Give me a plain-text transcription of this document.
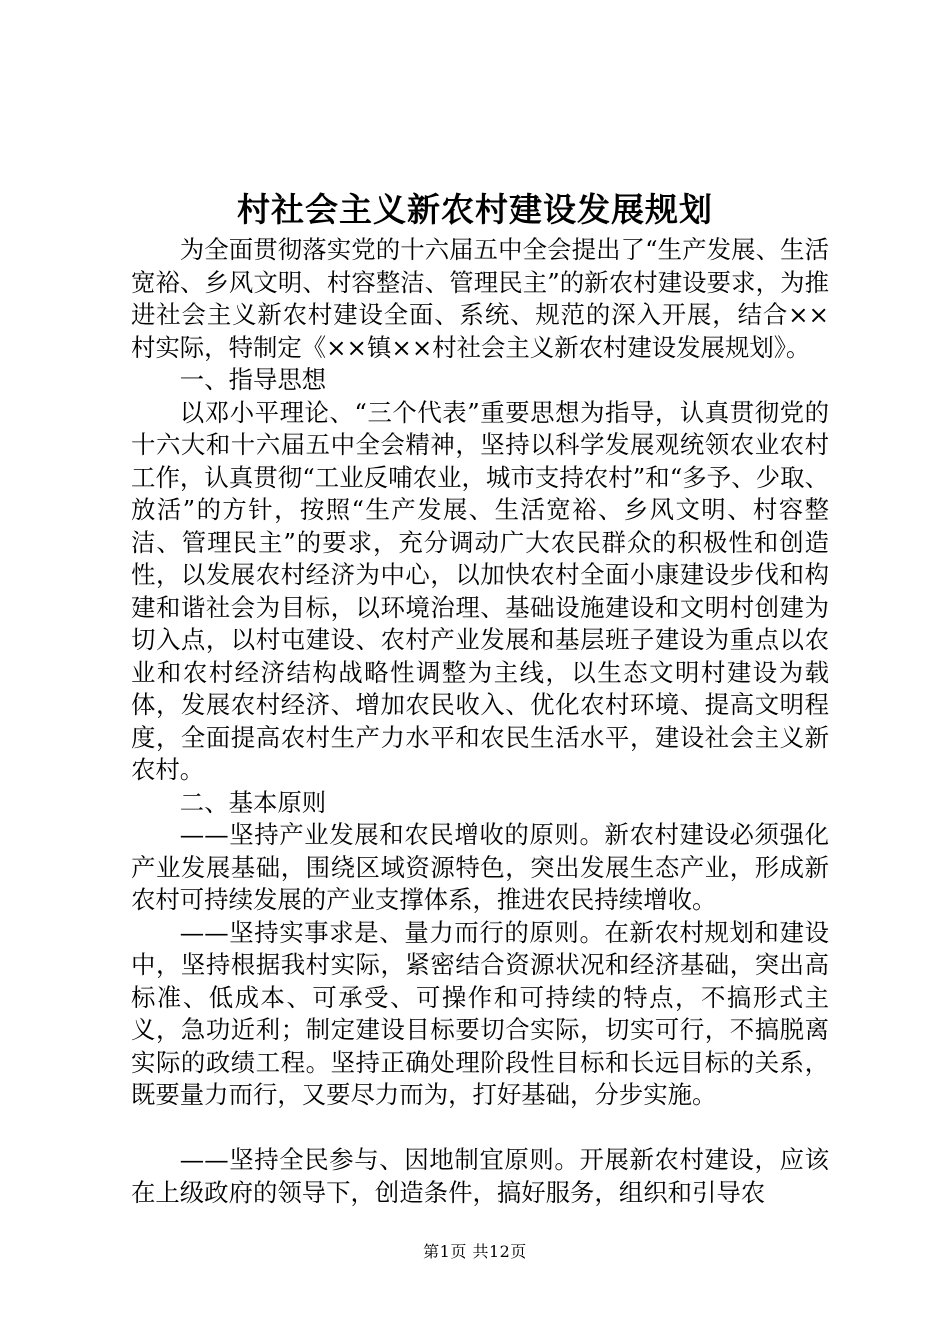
村社会主义新农村建设发展规划

为全面贯彻落实党的十六届五中全会提出了“生产发展、生活宽裕、乡风文明、村容整洁、管理民主”的新农村建设要求，为推进社会主义新农村建设全面、系统、规范的深入开展，结合××村实际，特制定《××镇××村社会主义新农村建设发展规划》。

一、指导思想

以邓小平理论、“三个代表”重要思想为指导，认真贯彻党的十六大和十六届五中全会精神，坚持以科学发展观统领农业农村工作，认真贯彻“工业反哺农业，城市支持农村”和“多予、少取、放活”的方针，按照“生产发展、生活宽裕、乡风文明、村容整洁、管理民主”的要求，充分调动广大农民群众的积极性和创造性，以发展农村经济为中心，以加快农村全面小康建设步伐和构建和谐社会为目标，以环境治理、基础设施建设和文明村创建为切入点，以村屯建设、农村产业发展和基层班子建设为重点以农业和农村经济结构战略性调整为主线，以生态文明村建设为载体，发展农村经济、增加农民收入、优化农村环境、提高文明程度，全面提高农村生产力水平和农民生活水平，建设社会主义新农村。

二、基本原则

——坚持产业发展和农民增收的原则。新农村建设必须强化产业发展基础，围绕区域资源特色，突出发展生态产业，形成新农村可持续发展的产业支撑体系，推进农民持续增收。

——坚持实事求是、量力而行的原则。在新农村规划和建设中，坚持根据我村实际，紧密结合资源状况和经济基础，突出高标准、低成本、可承受、可操作和可持续的特点，不搞形式主义，急功近利；制定建设目标要切合实际，切实可行，不搞脱离实际的政绩工程。坚持正确处理阶段性目标和长远目标的关系，既要量力而行，又要尽力而为，打好基础，分步实施。

——坚持全民参与、因地制宜原则。开展新农村建设，应该在上级政府的领导下，创造条件，搞好服务，组织和引导农

第1页 共12页
